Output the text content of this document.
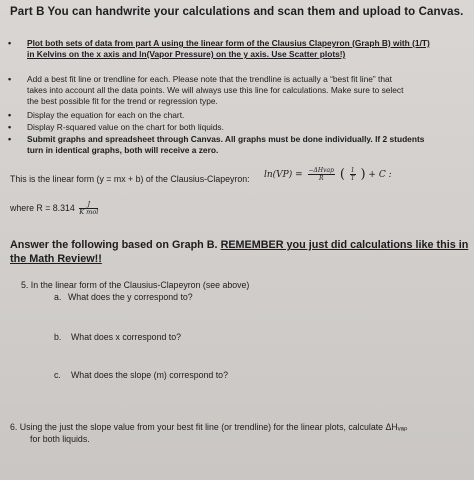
Part B You can handwrite your calculations and scan them and upload to Canvas.
• Plot both sets of data from part A using the linear form of the Clausius Clapeyron (Graph B) with (1/T)
in Kelvins on the x axis and ln(Vapor Pressure) on the y axis. Use Scatter plots!)
• Add a best fit line or trendline for each. Please note that the trendline is actually a “best fit line” that
takes into account all the data points. We will always use this line for calculations. Make sure to select
the best possible fit for the trend or regression type.
• Display the equation for each on the chart.
• Display R-squared value on the chart for both liquids.
• Submit graphs and spreadsheet through Canvas. All graphs must be done individually. If 2 students
turn in identical graphs, both will receive a zero.
This is the linear form (y = mx + b) of the Clausius-Clapeyron: $\ln(VP) = \frac{\text{−ΔHvap}}{R}$ ( $\frac{1}{T}$ ) + C :
where $R = 8.314 \frac{J}{\text{K mol}}$
Answer the following based on Graph B. REMEMBER you just did calculations like this in the Math Review!!
5. In the linear form of the Clausius-Clapeyron (see above)
a. What does the y correspond to?
b. What does x correspond to?
c. What does the slope (m) correspond to?
6. Using the just the slope value from your best fit line (or trendline) for the linear plots, calculate ΔHᵥₐₚ
for both liquids.
